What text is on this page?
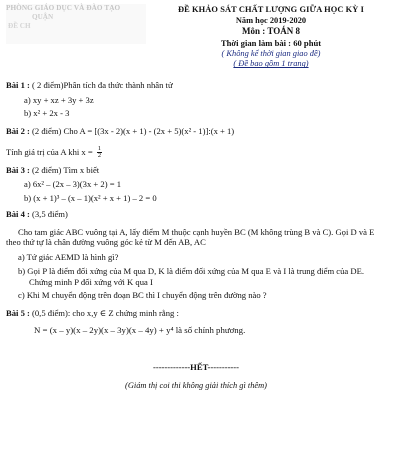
PHÒNG GIÁO DỤC VÀ ĐÀO TẠO
QUẬN
ĐỀ CH
ĐỀ KHẢO SÁT CHẤT LƯỢNG GIỮA HỌC KỲ I
Năm học 2019-2020
Môn : TOÁN 8
Thời gian làm bài : 60 phút
( Không kể thời gian giao đề)
( Đề bao gồm 1 trang)
Bài 1 : ( 2 điểm)Phân tích đa thức thành nhân tử
a) xy + xz + 3y + 3z
b) x² + 2x - 3
Bài 2 : (2 điểm) Cho A = [(3x - 2)(x + 1) - (2x + 5)(x² - 1)]:(x + 1)
Tính giá trị của A khi $x = \frac{1}{2}$
Bài 3 : (2 điểm) Tìm x biết
a) 6x² – (2x – 3)(3x + 2) = 1
b) (x + 1)³ – (x – 1)(x² + x + 1) – 2 = 0
Bài 4 : (3,5 điểm)
Cho tam giác ABC vuông tại A, lấy điểm M thuộc cạnh huyền BC (M không trùng B và C). Gọi D và E theo thứ tự là chân đường vuông góc kẻ từ M đến AB, AC
a) Tứ giác AEMD là hình gì?
b) Gọi P là điểm đối xứng của M qua D, K là điểm đối xứng của M qua E và I là trung điểm của DE. Chứng minh P đối xứng với K qua I
c) Khi M chuyển động trên đoạn BC thì I chuyển động trên đường nào ?
Bài 5 : (0,5 điểm): cho x,y ∈ Z chứng minh rằng :
N = (x – y)(x – 2y)(x – 3y)(x – 4y) + y⁴ là số chính phương.
-------------HẾT-----------
(Giám thị coi thi không giải thích gì thêm)
